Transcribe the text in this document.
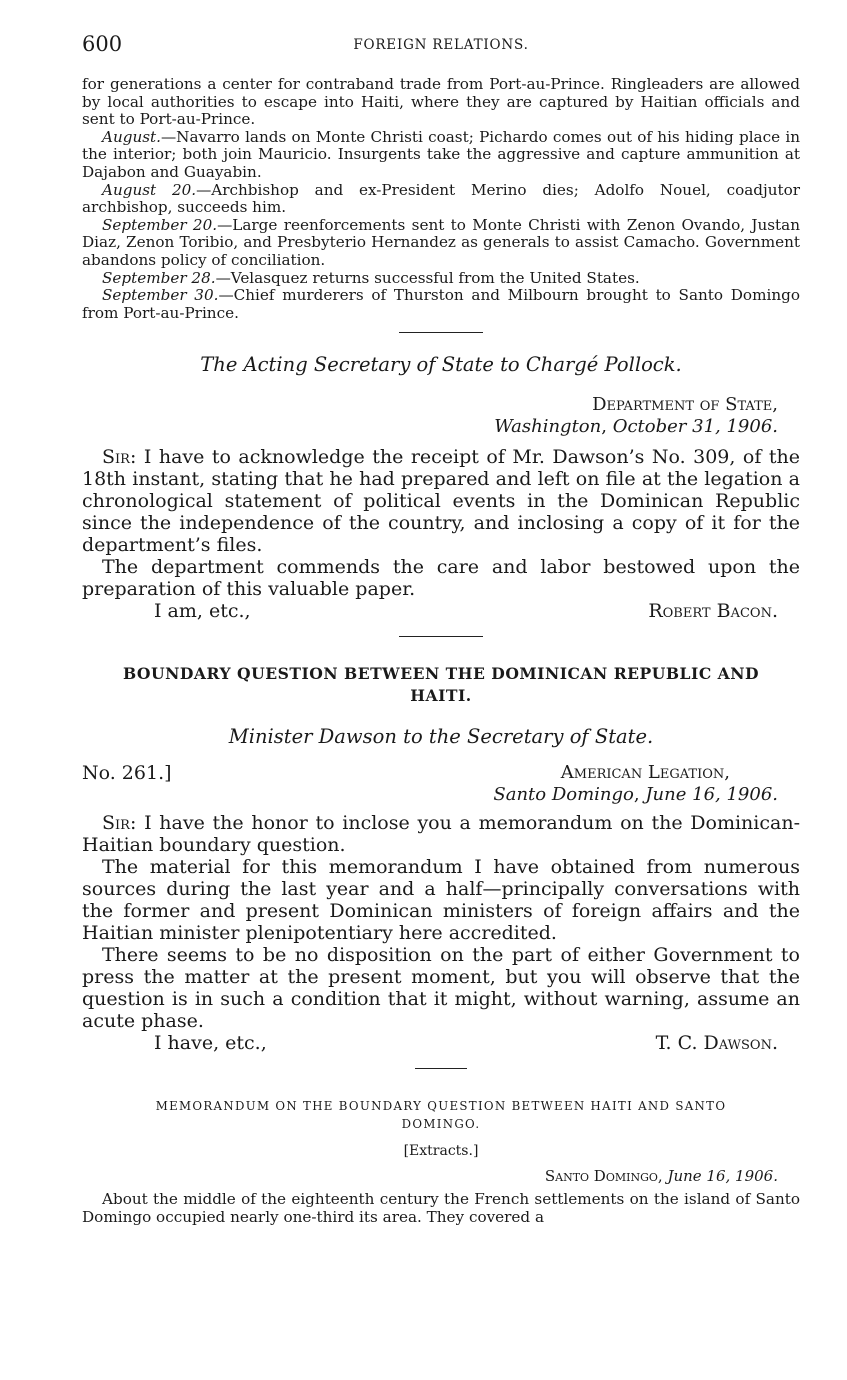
600	FOREIGN RELATIONS.

for generations a center for contraband trade from Port-au-Prince. Ringleaders are allowed by local authorities to escape into Haiti, where they are captured by Haitian officials and sent to Port-au-Prince.

August.—Navarro lands on Monte Christi coast; Pichardo comes out of his hiding place in the interior; both join Mauricio. Insurgents take the aggressive and capture ammunition at Dajabon and Guayabin.

August 20.—Archbishop and ex-President Merino dies; Adolfo Nouel, coadjutor archbishop, succeeds him.

September 20.—Large reenforcements sent to Monte Christi with Zenon Ovando, Justan Diaz, Zenon Toribio, and Presbyterio Hernandez as generals to assist Camacho. Government abandons policy of conciliation.

September 28.—Velasquez returns successful from the United States.

September 30.—Chief murderers of Thurston and Milbourn brought to Santo Domingo from Port-au-Prince.

The Acting Secretary of State to Chargé Pollock.
Department of State,
Washington, October 31, 1906.

Sir: I have to acknowledge the receipt of Mr. Dawson’s No. 309, of the 18th instant, stating that he had prepared and left on file at the legation a chronological statement of political events in the Dominican Republic since the independence of the country, and inclosing a copy of it for the department’s files.

The department commends the care and labor bestowed upon the preparation of this valuable paper.

I am, etc.,	Robert Bacon.
BOUNDARY QUESTION BETWEEN THE DOMINICAN REPUBLIC AND
HAITI.
Minister Dawson to the Secretary of State.
No. 261.]	American Legation,
Santo Domingo, June 16, 1906.

Sir: I have the honor to inclose you a memorandum on the Dominican-Haitian boundary question.

The material for this memorandum I have obtained from numerous sources during the last year and a half—principally conversations with the former and present Dominican ministers of foreign affairs and the Haitian minister plenipotentiary here accredited.

There seems to be no disposition on the part of either Government to press the matter at the present moment, but you will observe that the question is in such a condition that it might, without warning, assume an acute phase.

I have, etc.,	T. C. Dawson.
MEMORANDUM ON THE BOUNDARY QUESTION BETWEEN HAITI AND SANTO
DOMINGO.
[Extracts.]
Santo Domingo, June 16, 1906.

About the middle of the eighteenth century the French settlements on the island of Santo Domingo occupied nearly one-third its area. They covered a
